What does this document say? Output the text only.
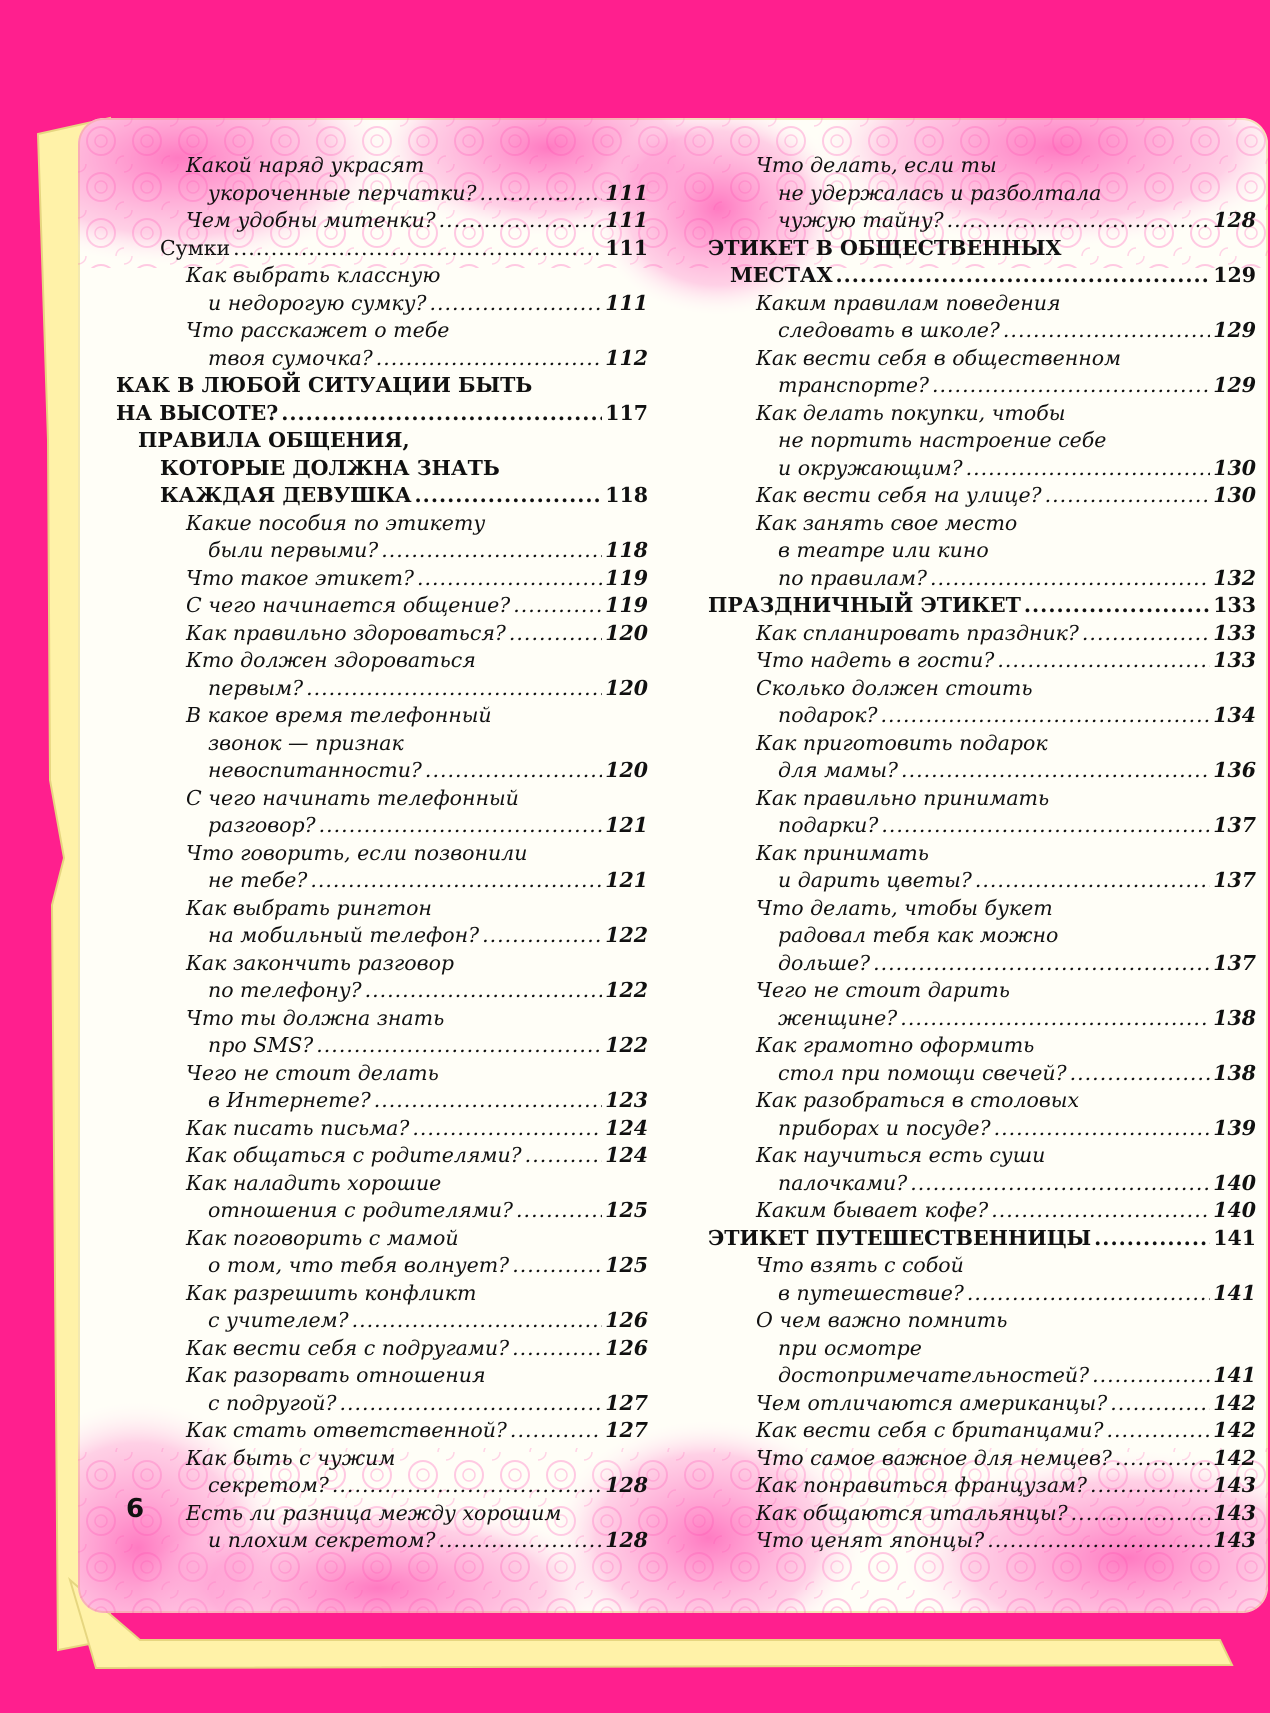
Какой наряд украсят
укороченные перчатки? .....	111
Чем удобны митенки? .....	111
Сумки .....	111
Как выбрать классную
и недорогую сумку? .....	111
Что расскажет о тебе
твоя сумочка? .....	112
КАК В ЛЮБОЙ СИТУАЦИИ БЫТЬ
НА ВЫСОТЕ? .....	117
ПРАВИЛА ОБЩЕНИЯ,
КОТОРЫЕ ДОЛЖНА ЗНАТЬ
КАЖДАЯ ДЕВУШКА .....	118
Какие пособия по этикету
были первыми? .....	118
Что такое этикет? .....	119
С чего начинается общение? .....	119
Как правильно здороваться? .....	120
Кто должен здороваться
первым? .....	120
В какое время телефонный
звонок — признак
невоспитанности? .....	120
С чего начинать телефонный
разговор? .....	121
Что говорить, если позвонили
не тебе? .....	121
Как выбрать рингтон
на мобильный телефон? .....	122
Как закончить разговор
по телефону? .....	122
Что ты должна знать
про SMS? .....	122
Чего не стоит делать
в Интернете? .....	123
Как писать письма? .....	124
Как общаться с родителями? .....	124
Как наладить хорошие
отношения с родителями? .....	125
Как поговорить с мамой
о том, что тебя волнует? .....	125
Как разрешить конфликт
с учителем? .....	126
Как вести себя с подругами? .....	126
Как разорвать отношения
с подругой? .....	127
Как стать ответственной? .....	127
Как быть с чужим
секретом? .....	128
Есть ли разница между хорошим
и плохим секретом? .....	128
Что делать, если ты
не удержалась и разболтала
чужую тайну? .....	128
ЭТИКЕТ В ОБЩЕСТВЕННЫХ
МЕСТАХ .....	129
Каким правилам поведения
следовать в школе? .....	129
Как вести себя в общественном
транспорте? .....	129
Как делать покупки, чтобы
не портить настроение себе
и окружающим? .....	130
Как вести себя на улице? .....	130
Как занять свое место
в театре или кино
по правилам? .....	132
ПРАЗДНИЧНЫЙ ЭТИКЕТ .....	133
Как спланировать праздник? .....	133
Что надеть в гости? .....	133
Сколько должен стоить
подарок? .....	134
Как приготовить подарок
для мамы? .....	136
Как правильно принимать
подарки? .....	137
Как принимать
и дарить цветы? .....	137
Что делать, чтобы букет
радовал тебя как можно
дольше? .....	137
Чего не стоит дарить
женщине? .....	138
Как грамотно оформить
стол при помощи свечей? .....	138
Как разобраться в столовых
приборах и посуде? .....	139
Как научиться есть суши
палочками? .....	140
Каким бывает кофе? .....	140
ЭТИКЕТ ПУТЕШЕСТВЕННИЦЫ .....	141
Что взять с собой
в путешествие? .....	141
О чем важно помнить
при осмотре
достопримечательностей? .....	141
Чем отличаются американцы? .....	142
Как вести себя с британцами? .....	142
Что самое важное для немцев? .....	142
Как понравиться французам? .....	143
Как общаются итальянцы? .....	143
Что ценят японцы? .....	143
6
